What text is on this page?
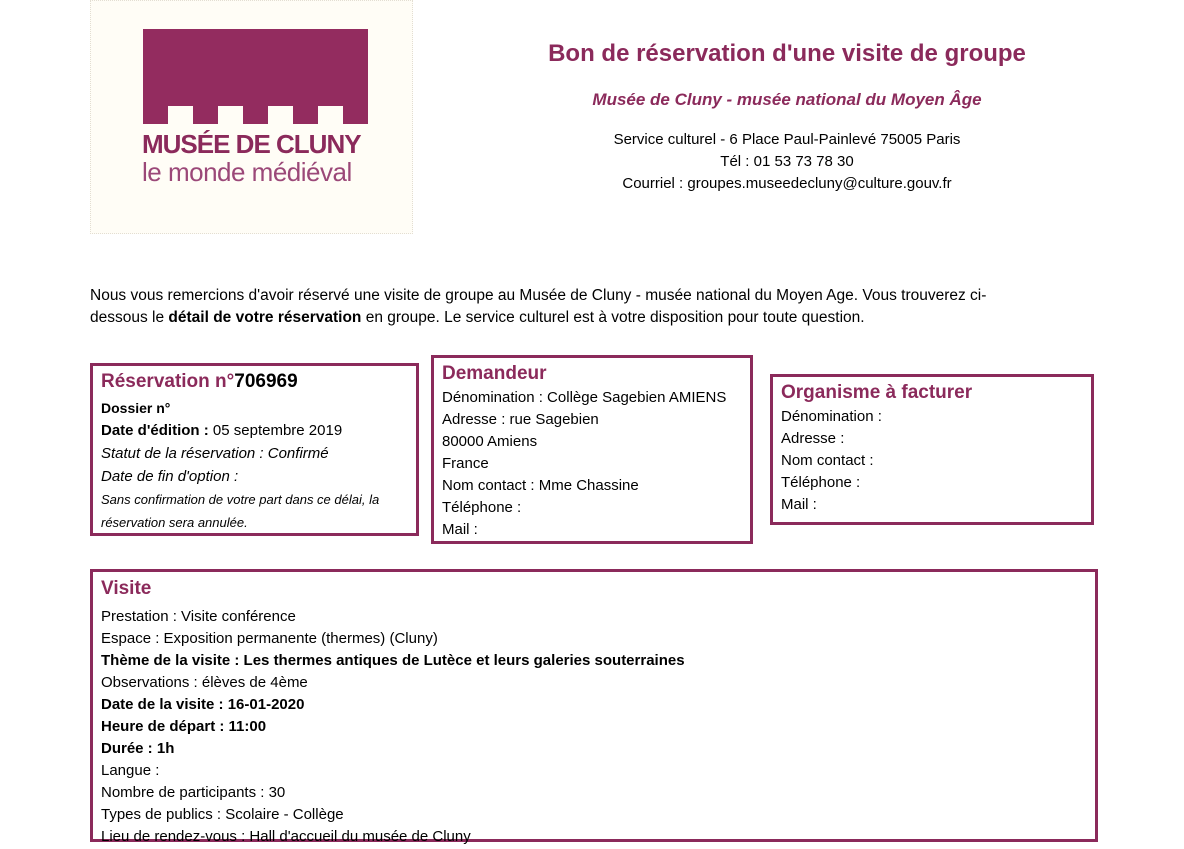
MUSÉE DE CLUNY
le monde médiéval
Bon de réservation d'une visite de groupe
Musée de Cluny - musée national du Moyen Âge
Service culturel - 6 Place Paul-Painlevé 75005 Paris
Tél : 01 53 73 78 30
Courriel : groupes.museedecluny@culture.gouv.fr

Nous vous remercions d'avoir réservé une visite de groupe au Musée de Cluny - musée national du Moyen Age. Vous trouverez ci-
dessous le détail de votre réservation en groupe. Le service culturel est à votre disposition pour toute question.

Réservation n°706969
Dossier n°
Date d'édition : 05 septembre 2019
Statut de la réservation : Confirmé
Date de fin d'option :
Sans confirmation de votre part dans ce délai, la réservation sera annulée.
Demandeur
Dénomination : Collège Sagebien AMIENS
Adresse : rue Sagebien
80000 Amiens
France
Nom contact : Mme Chassine
Téléphone :
Mail :
Organisme à facturer
Dénomination :
Adresse :
Nom contact :
Téléphone :
Mail :
Visite
Prestation : Visite conférence
Espace : Exposition permanente (thermes) (Cluny)
Thème de la visite : Les thermes antiques de Lutèce et leurs galeries souterraines
Observations : élèves de 4ème
Date de la visite : 16-01-2020
Heure de départ : 11:00
Durée : 1h
Langue :
Nombre de participants : 30
Types de publics : Scolaire - Collège
Lieu de rendez-vous : Hall d'accueil du musée de Cluny
